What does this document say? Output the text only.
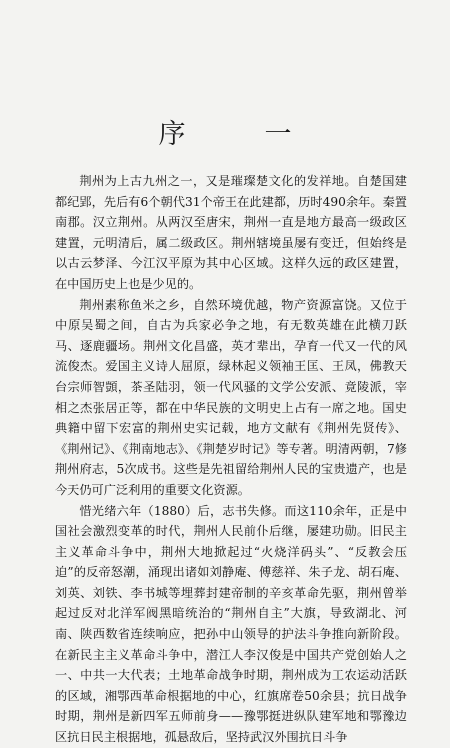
序　一

荆州为上古九州之一，又是璀璨楚文化的发祥地。自楚国建都纪郢，先后有6个朝代31个帝王在此建都，历时490余年。秦置南郡。汉立荆州。从两汉至唐宋，荆州一直是地方最高一级政区建置，元明清后，属二级政区。荆州辖境虽屡有变迁，但始终是以古云梦泽、今江汉平原为其中心区域。这样久远的政区建置，在中国历史上也是少见的。

荆州素称鱼米之乡，自然环境优越，物产资源富饶。又位于中原吴蜀之间，自古为兵家必争之地，有无数英雄在此横刀跃马、逐鹿疆场。荆州文化昌盛，英才辈出，孕育一代又一代的风流俊杰。爱国主义诗人屈原，绿林起义领袖王匡、王凤，佛教天台宗师智顗，茶圣陆羽，领一代风骚的文学公安派、竟陵派，宰相之杰张居正等，都在中华民族的文明史上占有一席之地。国史典籍中留下宏富的荆州史实记载，地方文献有《荆州先贤传》、《荆州记》、《荆南地志》、《荆楚岁时记》等专著。明清两朝，7修荆州府志，5次成书。这些是先祖留给荆州人民的宝贵遗产，也是今天仍可广泛利用的重要文化资源。

惜光绪六年（1880）后，志书失修。而这110余年，正是中国社会激烈变革的时代，荆州人民前仆后继，屡建功勋。旧民主主义革命斗争中，荆州大地掀起过“火烧洋码头”、“反教会压迫”的反帝怒潮，涌现出诸如刘静庵、傅慈祥、朱子龙、胡石庵、刘英、刘铁、李书城等埋葬封建帝制的辛亥革命先驱，荆州曾举起过反对北洋军阀黑暗统治的“荆州自主”大旗，导致湖北、河南、陕西数省连续响应，把孙中山领导的护法斗争推向新阶段。在新民主主义革命斗争中，潜江人李汉俊是中国共产党创始人之一、中共一大代表；土地革命战争时期，荆州成为工农运动活跃的区域，湘鄂西革命根据地的中心，红旗席卷50余县；抗日战争时期，荆州是新四军五师前身——豫鄂挺进纵队建军地和鄂豫边区抗日民主根据地，孤悬敌后，坚持武汉外围抗日斗争
